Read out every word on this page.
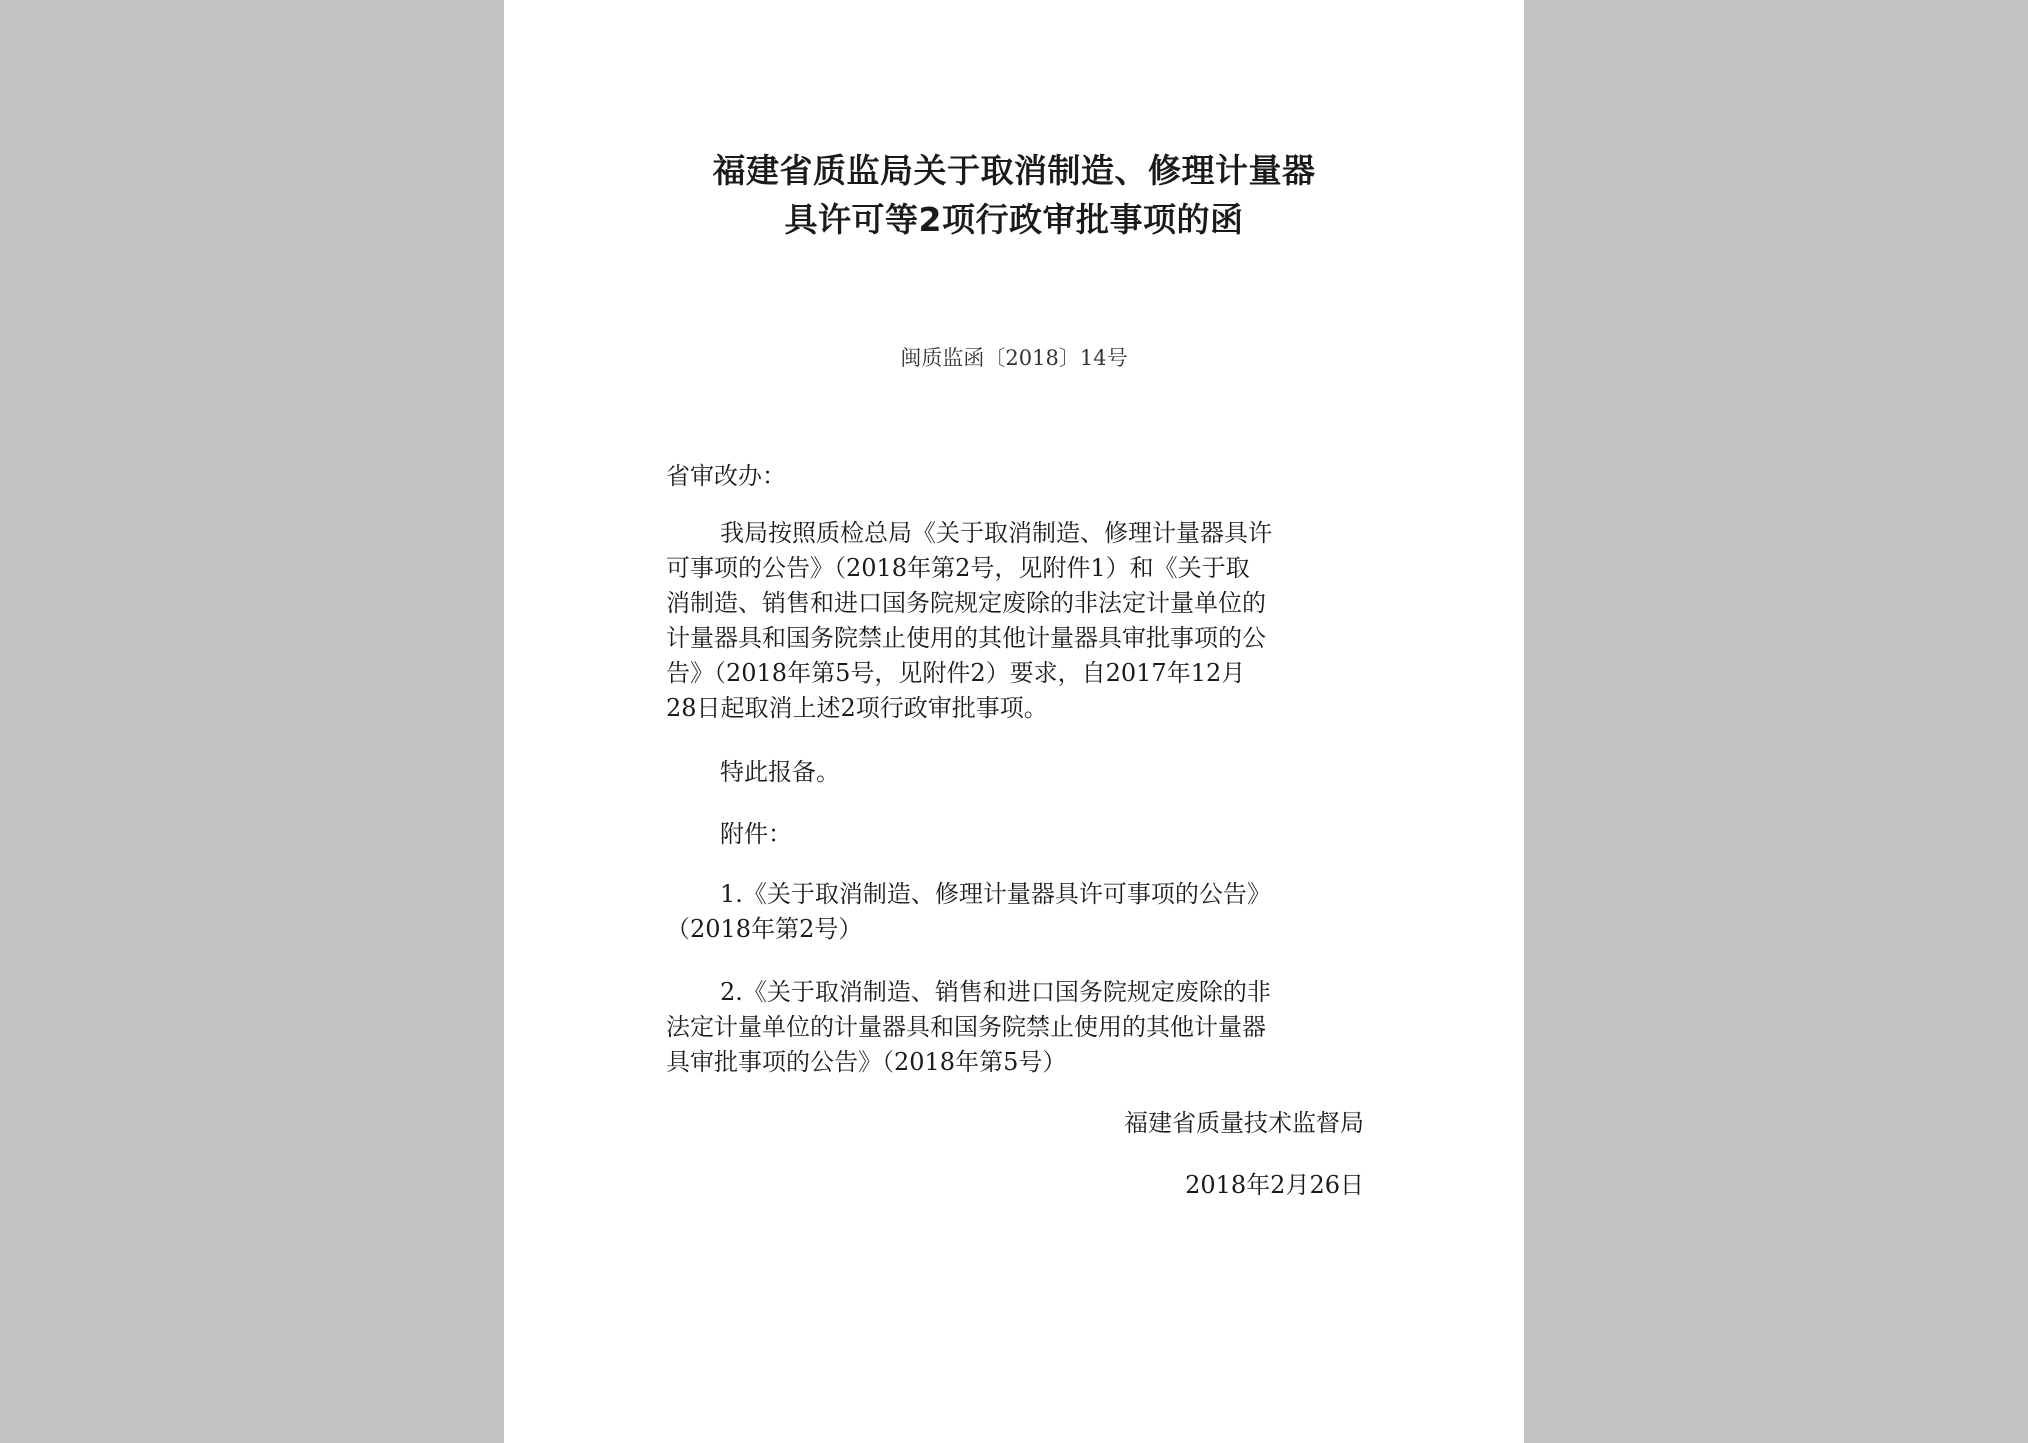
福建省质监局关于取消制造、修理计量器
具许可等2项行政审批事项的函
闽质监函〔2018〕14号
省审改办：
我局按照质检总局《关于取消制造、修理计量器具许
可事项的公告》（2018年第2号，见附件1）和《关于取
消制造、销售和进口国务院规定废除的非法定计量单位的
计量器具和国务院禁止使用的其他计量器具审批事项的公
告》（2018年第5号，见附件2）要求，自2017年12月
28日起取消上述2项行政审批事项。
特此报备。
附件：
1.《关于取消制造、修理计量器具许可事项的公告》
（2018年第2号）
2.《关于取消制造、销售和进口国务院规定废除的非
法定计量单位的计量器具和国务院禁止使用的其他计量器
具审批事项的公告》（2018年第5号）
福建省质量技术监督局
2018年2月26日
